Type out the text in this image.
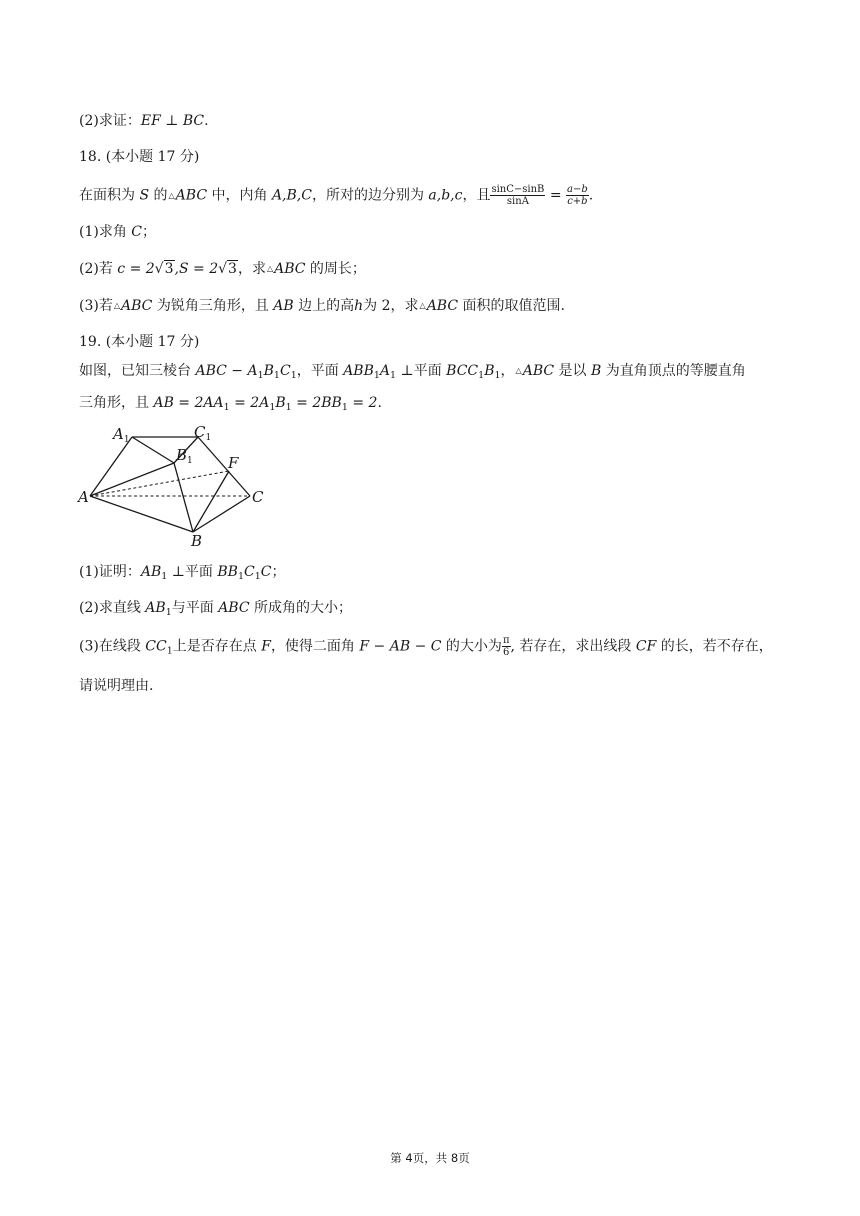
(2)求证：EF ⊥ BC.
18. (本小题 17 分)
在面积为 S 的△ABC 中，内角 A,B,C，所对的边分别为 a,b,c，且 $\frac{\sin C-\sin B}{\sin A} = \frac{a-b}{c+b}$ .
(1)求角 C；
(2)若 c = 2√3,S = 2√3，求△ABC 的周长；
(3)若△ABC 为锐角三角形，且 AB 边上的高h为 2，求△ABC 面积的取值范围.
19. (本小题 17 分)
如图，已知三棱台 ABC − $A_1B_1C_1$，平面 $ABB_1A_1$ ⊥平面 $BCC_1B_1$，△ABC 是以 B 为直角顶点的等腰直角
三角形，且 AB = $2AA_1 = 2A_1B_1 = 2BB_1 = 2$.
$A_1$	$C_1$
$B_1$ F
A	C
B
(1)证明：$AB_1$ ⊥平面 $BB_1C_1C$；
(2)求直线 $AB_1$与平面 ABC 所成角的大小；
(3)在线段 $CC_1$上是否存在点 F，使得二面角 F − AB − C 的大小为 $\frac{\pi}{6}$ , 若存在，求出线段 CF 的长，若不存在，
请说明理由.
第 4页，共 8页
